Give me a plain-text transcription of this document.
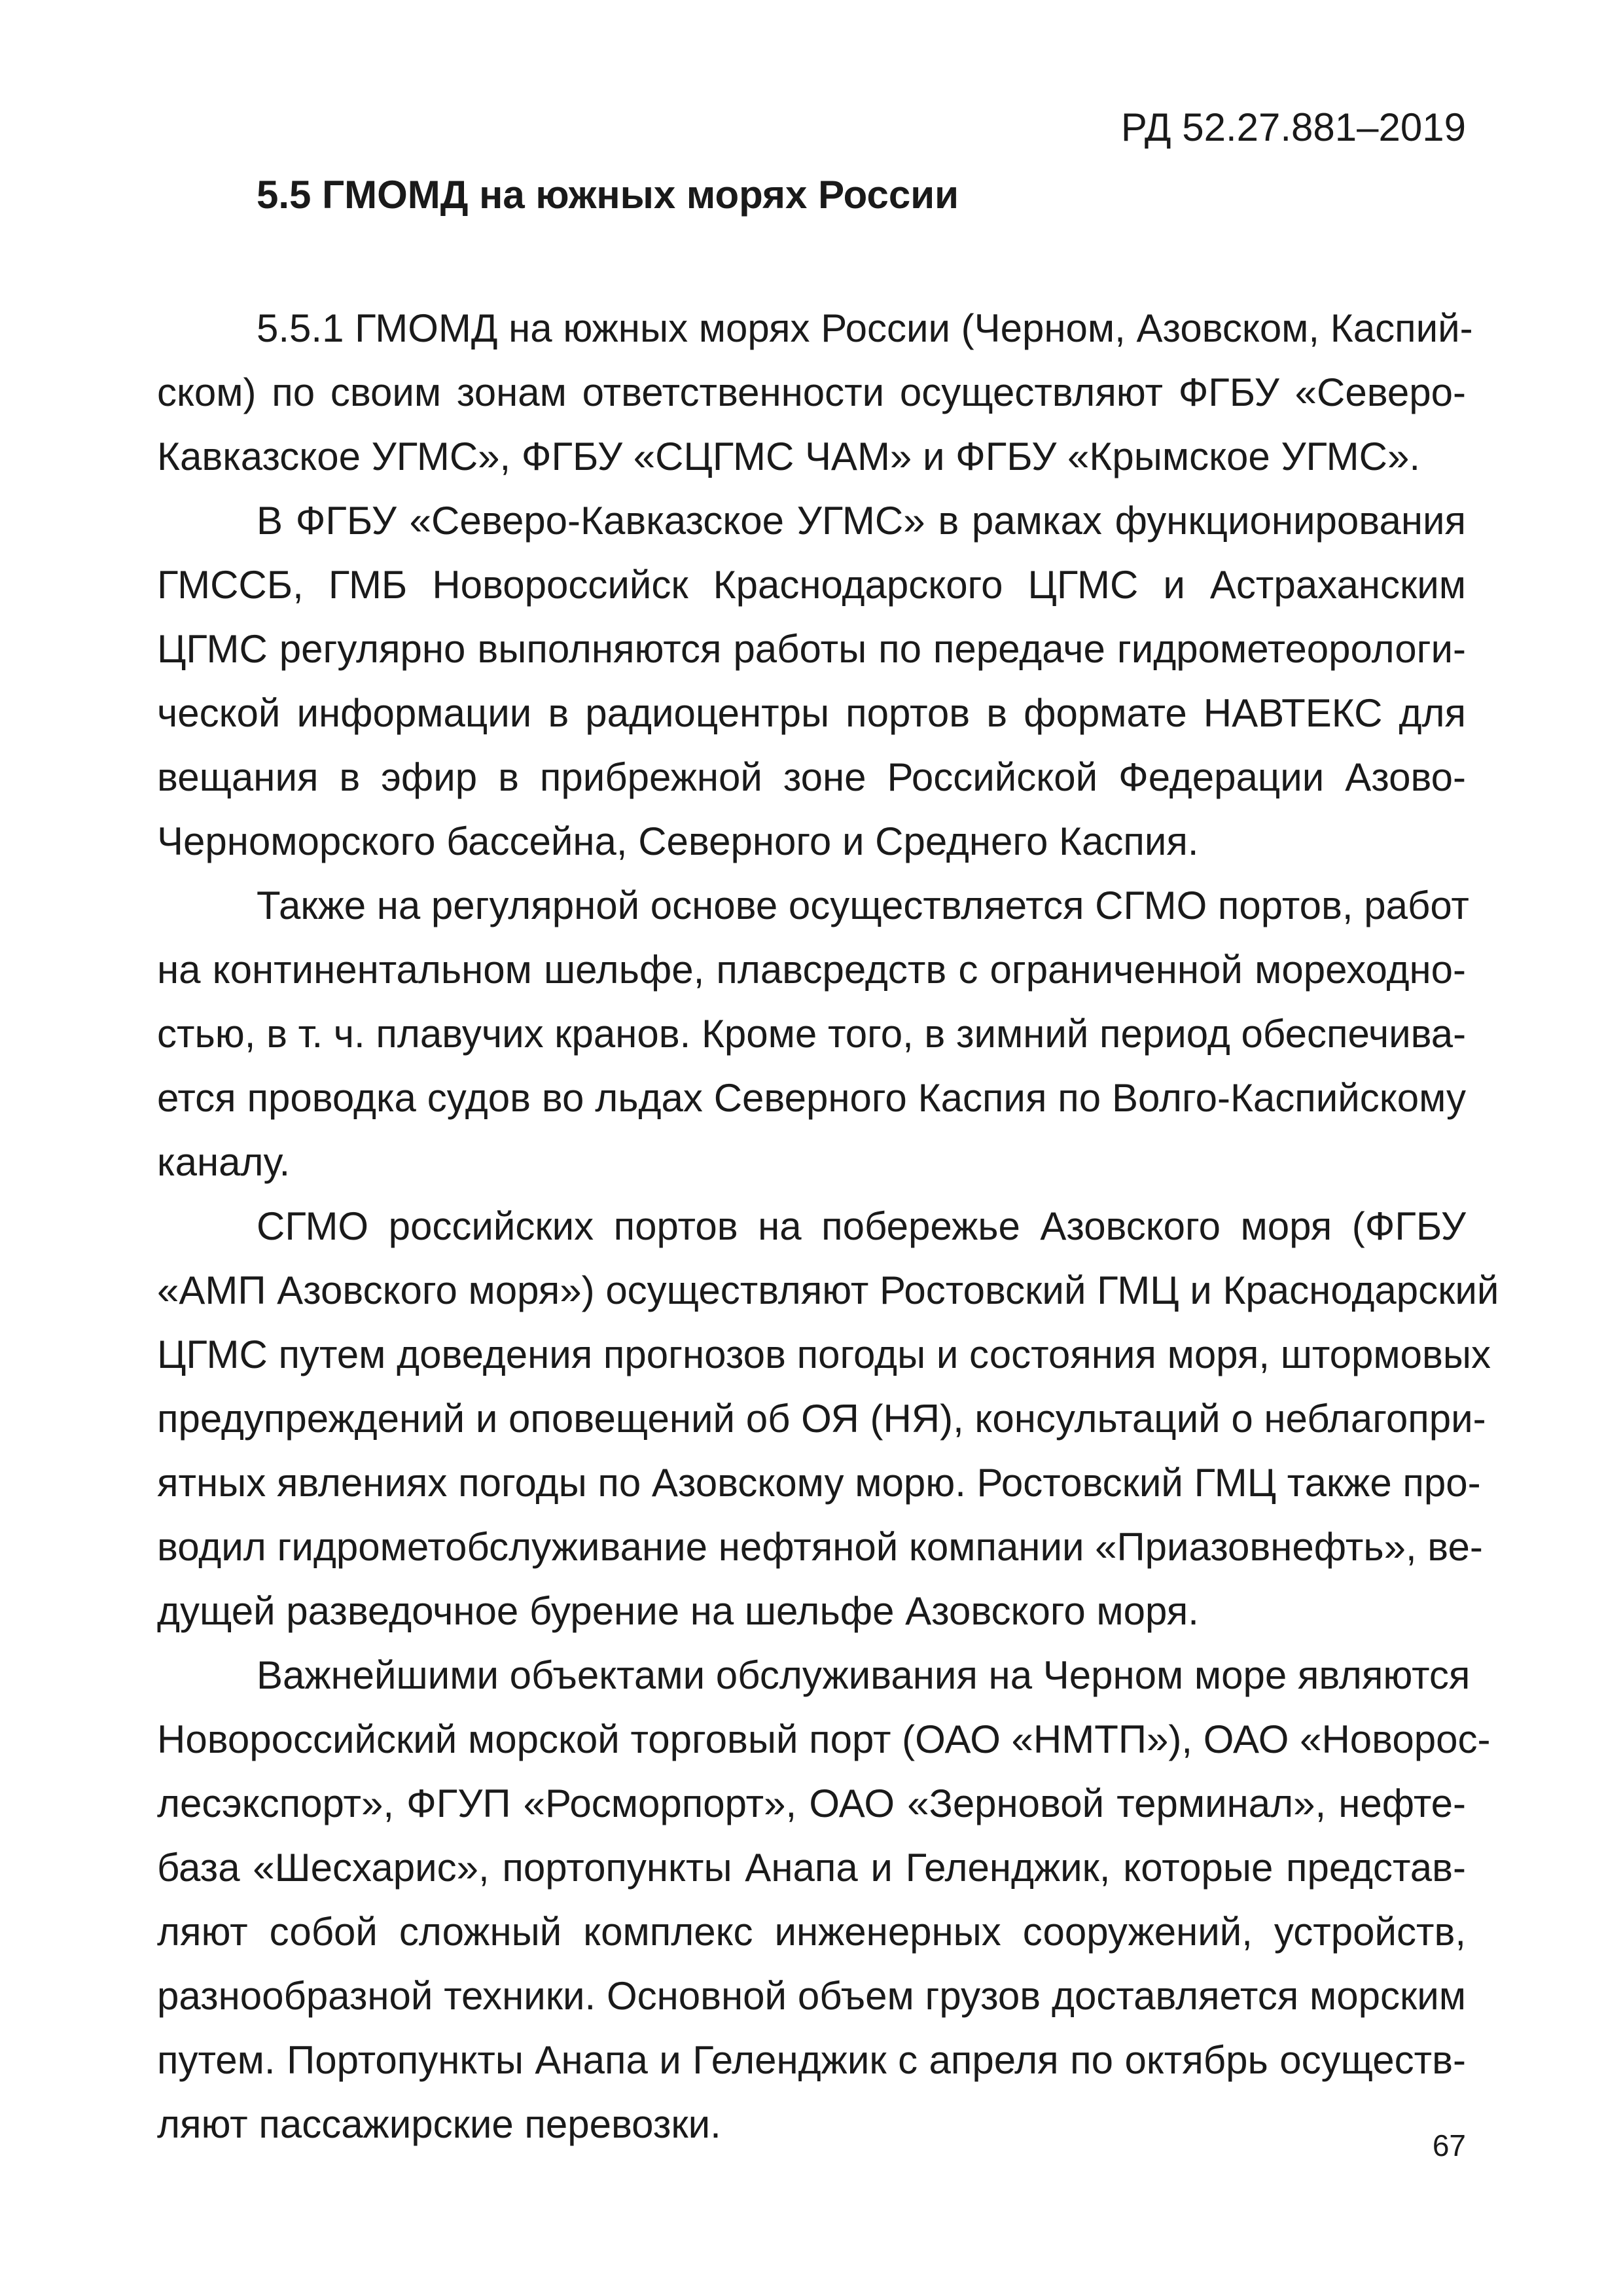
РД 52.27.881–2019
5.5 ГМОМД на южных морях России
5.5.1 ГМОМД на южных морях России (Черном, Азовском, Каспий-
ском) по своим зонам ответственности осуществляют ФГБУ «Северо-
Кавказское УГМС», ФГБУ «СЦГМС ЧАМ» и ФГБУ «Крымское УГМС».
В ФГБУ «Северо-Кавказское УГМС» в рамках функционирования
ГМССБ, ГМБ Новороссийск Краснодарского ЦГМС и Астраханским
ЦГМС регулярно выполняются работы по передаче гидрометеорологи-
ческой информации в радиоцентры портов в формате НАВТЕКС для
вещания в эфир в прибрежной зоне Российской Федерации Азово-
Черноморского бассейна, Северного и Среднего Каспия.
Также на регулярной основе осуществляется СГМО портов, работ
на континентальном шельфе, плавсредств с ограниченной мореходно-
стью, в т. ч. плавучих кранов. Кроме того, в зимний период обеспечива-
ется проводка судов во льдах Северного Каспия по Волго-Каспийскому
каналу.
СГМО российских портов на побережье Азовского моря (ФГБУ
«АМП Азовского моря») осуществляют Ростовский ГМЦ и Краснодарский
ЦГМС путем доведения прогнозов погоды и состояния моря, штормовых
предупреждений и оповещений об ОЯ (НЯ), консультаций о неблагопри-
ятных явлениях погоды по Азовскому морю. Ростовский ГМЦ также про-
водил гидрометобслуживание нефтяной компании «Приазовнефть», ве-
дущей разведочное бурение на шельфе Азовского моря.
Важнейшими объектами обслуживания на Черном море являются
Новороссийский морской торговый порт (ОАО «НМТП»), ОАО «Новорос-
лесэкспорт», ФГУП «Росморпорт», ОАО «Зерновой терминал», нефте-
база «Шесхарис», портопункты Анапа и Геленджик, которые представ-
ляют собой сложный комплекс инженерных сооружений, устройств,
разнообразной техники. Основной объем грузов доставляется морским
путем. Портопункты Анапа и Геленджик с апреля по октябрь осуществ-
ляют пассажирские перевозки.	67
